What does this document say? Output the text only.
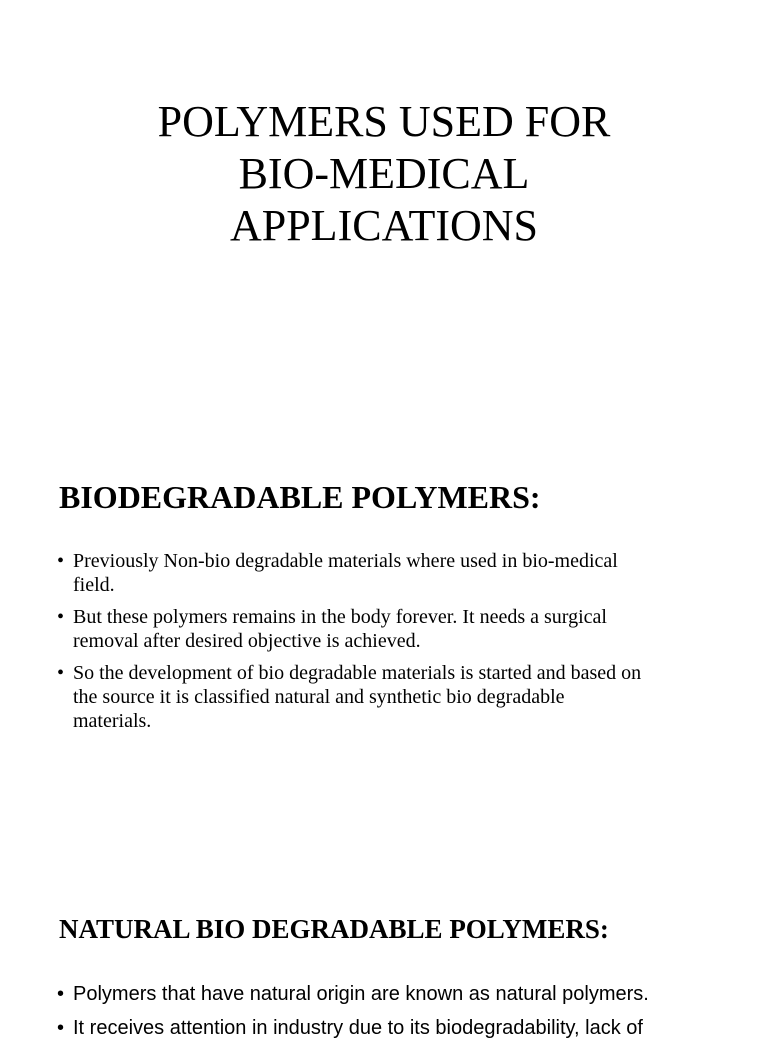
POLYMERS USED FOR
BIO-MEDICAL
APPLICATIONS
BIODEGRADABLE POLYMERS:
• Previously Non-bio degradable materials where used in bio-medical
field.
• But these polymers remains in the body forever. It needs a surgical
removal after desired objective is achieved.
• So the development of bio degradable materials is started and based on
the source it is classified natural and synthetic bio degradable
materials.
NATURAL BIO DEGRADABLE POLYMERS:
• Polymers that have natural origin are known as natural polymers.
• It receives attention in industry due to its biodegradability, lack of
